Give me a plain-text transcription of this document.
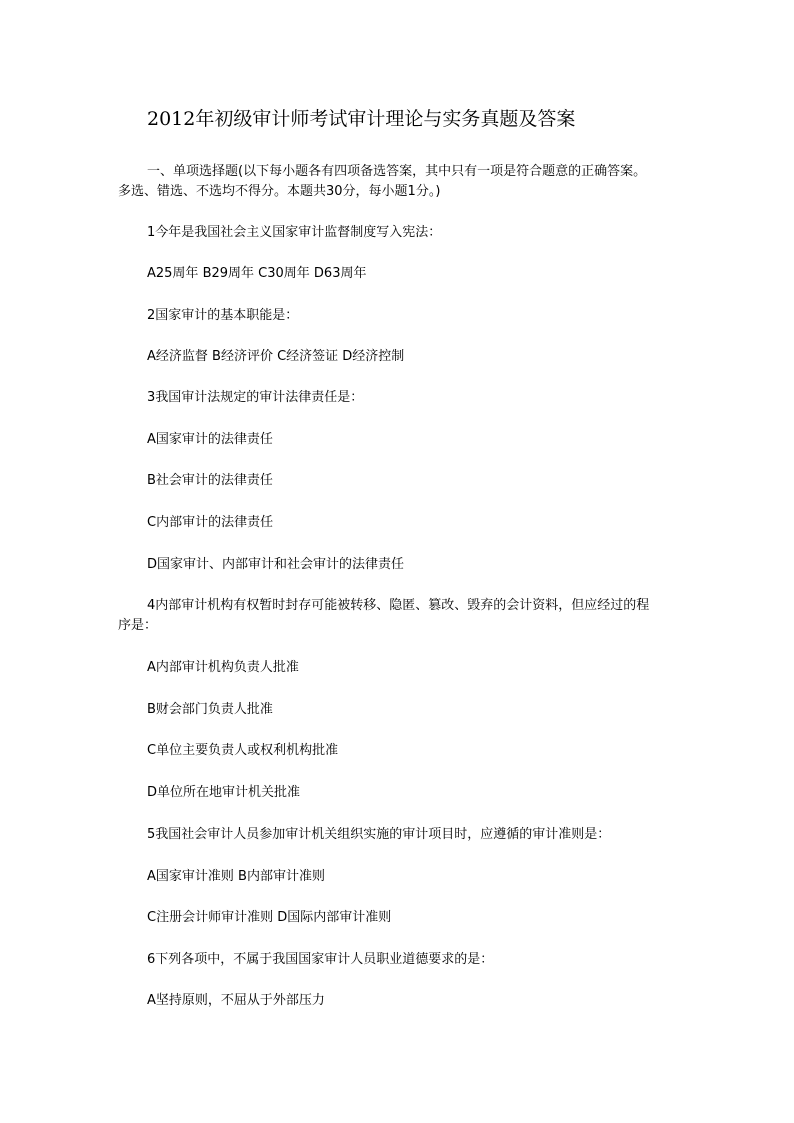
2012年初级审计师考试审计理论与实务真题及答案
一、单项选择题(以下每小题各有四项备选答案，其中只有一项是符合题意的正确答案。多选、错选、不选均不得分。本题共30分，每小题1分。)
1今年是我国社会主义国家审计监督制度写入宪法：
A25周年 B29周年 C30周年 D63周年
2国家审计的基本职能是：
A经济监督 B经济评价 C经济签证 D经济控制
3我国审计法规定的审计法律责任是：
A国家审计的法律责任
B社会审计的法律责任
C内部审计的法律责任
D国家审计、内部审计和社会审计的法律责任
4内部审计机构有权暂时封存可能被转移、隐匿、篡改、毁弃的会计资料，但应经过的程序是：
A内部审计机构负责人批准
B财会部门负责人批准
C单位主要负责人或权利机构批准
D单位所在地审计机关批准
5我国社会审计人员参加审计机关组织实施的审计项目时，应遵循的审计准则是：
A国家审计准则 B内部审计准则
C注册会计师审计准则 D国际内部审计准则
6下列各项中，不属于我国国家审计人员职业道德要求的是：
A坚持原则，不屈从于外部压力
